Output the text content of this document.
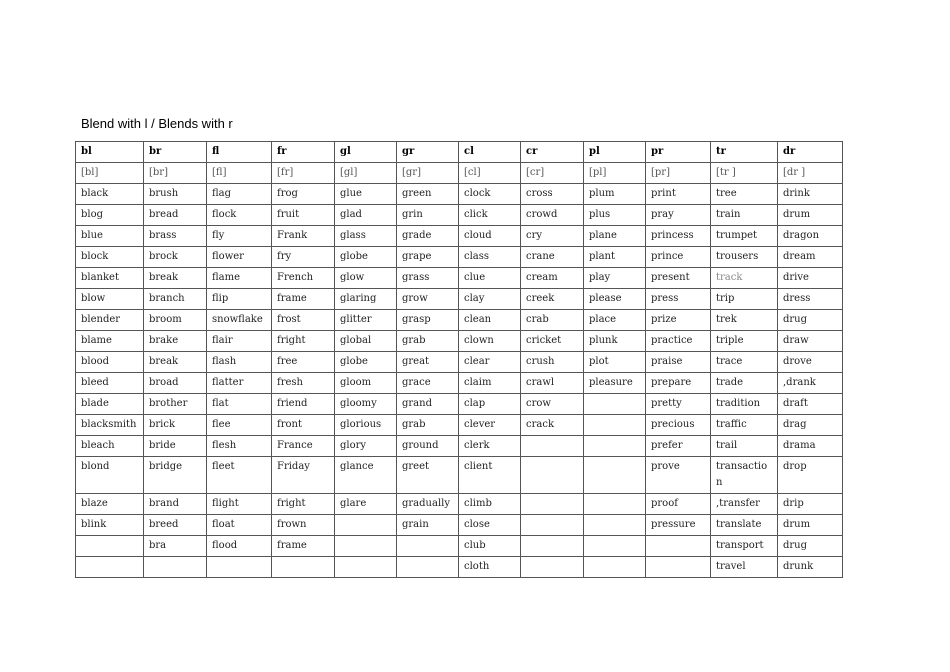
Blend with l / Blends with r
bl	br	fl	fr	gl	gr	cl	cr	pl	pr	tr	dr
[bl]	[br]	[fl]	[fr]	[gl]	[gr]	[cl]	[cr]	[pl]	[pr]	[tr ]	[dr ]
black	brush	flag	frog	glue	green	clock	cross	plum	print	tree	drink
blog	bread	flock	fruit	glad	grin	click	crowd	plus	pray	train	drum
blue	brass	fly	Frank	glass	grade	cloud	cry	plane	princess	trumpet	dragon
block	brock	flower	fry	globe	grape	class	crane	plant	prince	trousers	dream
blanket	break	flame	French	glow	grass	clue	cream	play	present	track	drive
blow	branch	flip	frame	glaring	grow	clay	creek	please	press	trip	dress
blender	broom	snowflake	frost	glitter	grasp	clean	crab	place	prize	trek	drug
blame	brake	flair	fright	global	grab	clown	cricket	plunk	practice	triple	draw
blood	break	flash	free	globe	great	clear	crush	plot	praise	trace	drove
bleed	broad	flatter	fresh	gloom	grace	claim	crawl	pleasure	prepare	trade	,drank
blade	brother	flat	friend	gloomy	grand	clap	crow		pretty	tradition	draft
blacksmith	brick	flee	front	glorious	grab	clever	crack		precious	traffic	drag
bleach	bride	flesh	France	glory	ground	clerk			prefer	trail	drama
blond	bridge	fleet	Friday	glance	greet	client			prove	transaction	drop
blaze	brand	flight	fright	glare	gradually	climb			proof	,transfer	drip
blink	breed	float	frown		grain	close			pressure	translate	drum
	bra	flood	frame			club				transport	drug
						cloth				travel	drunk
